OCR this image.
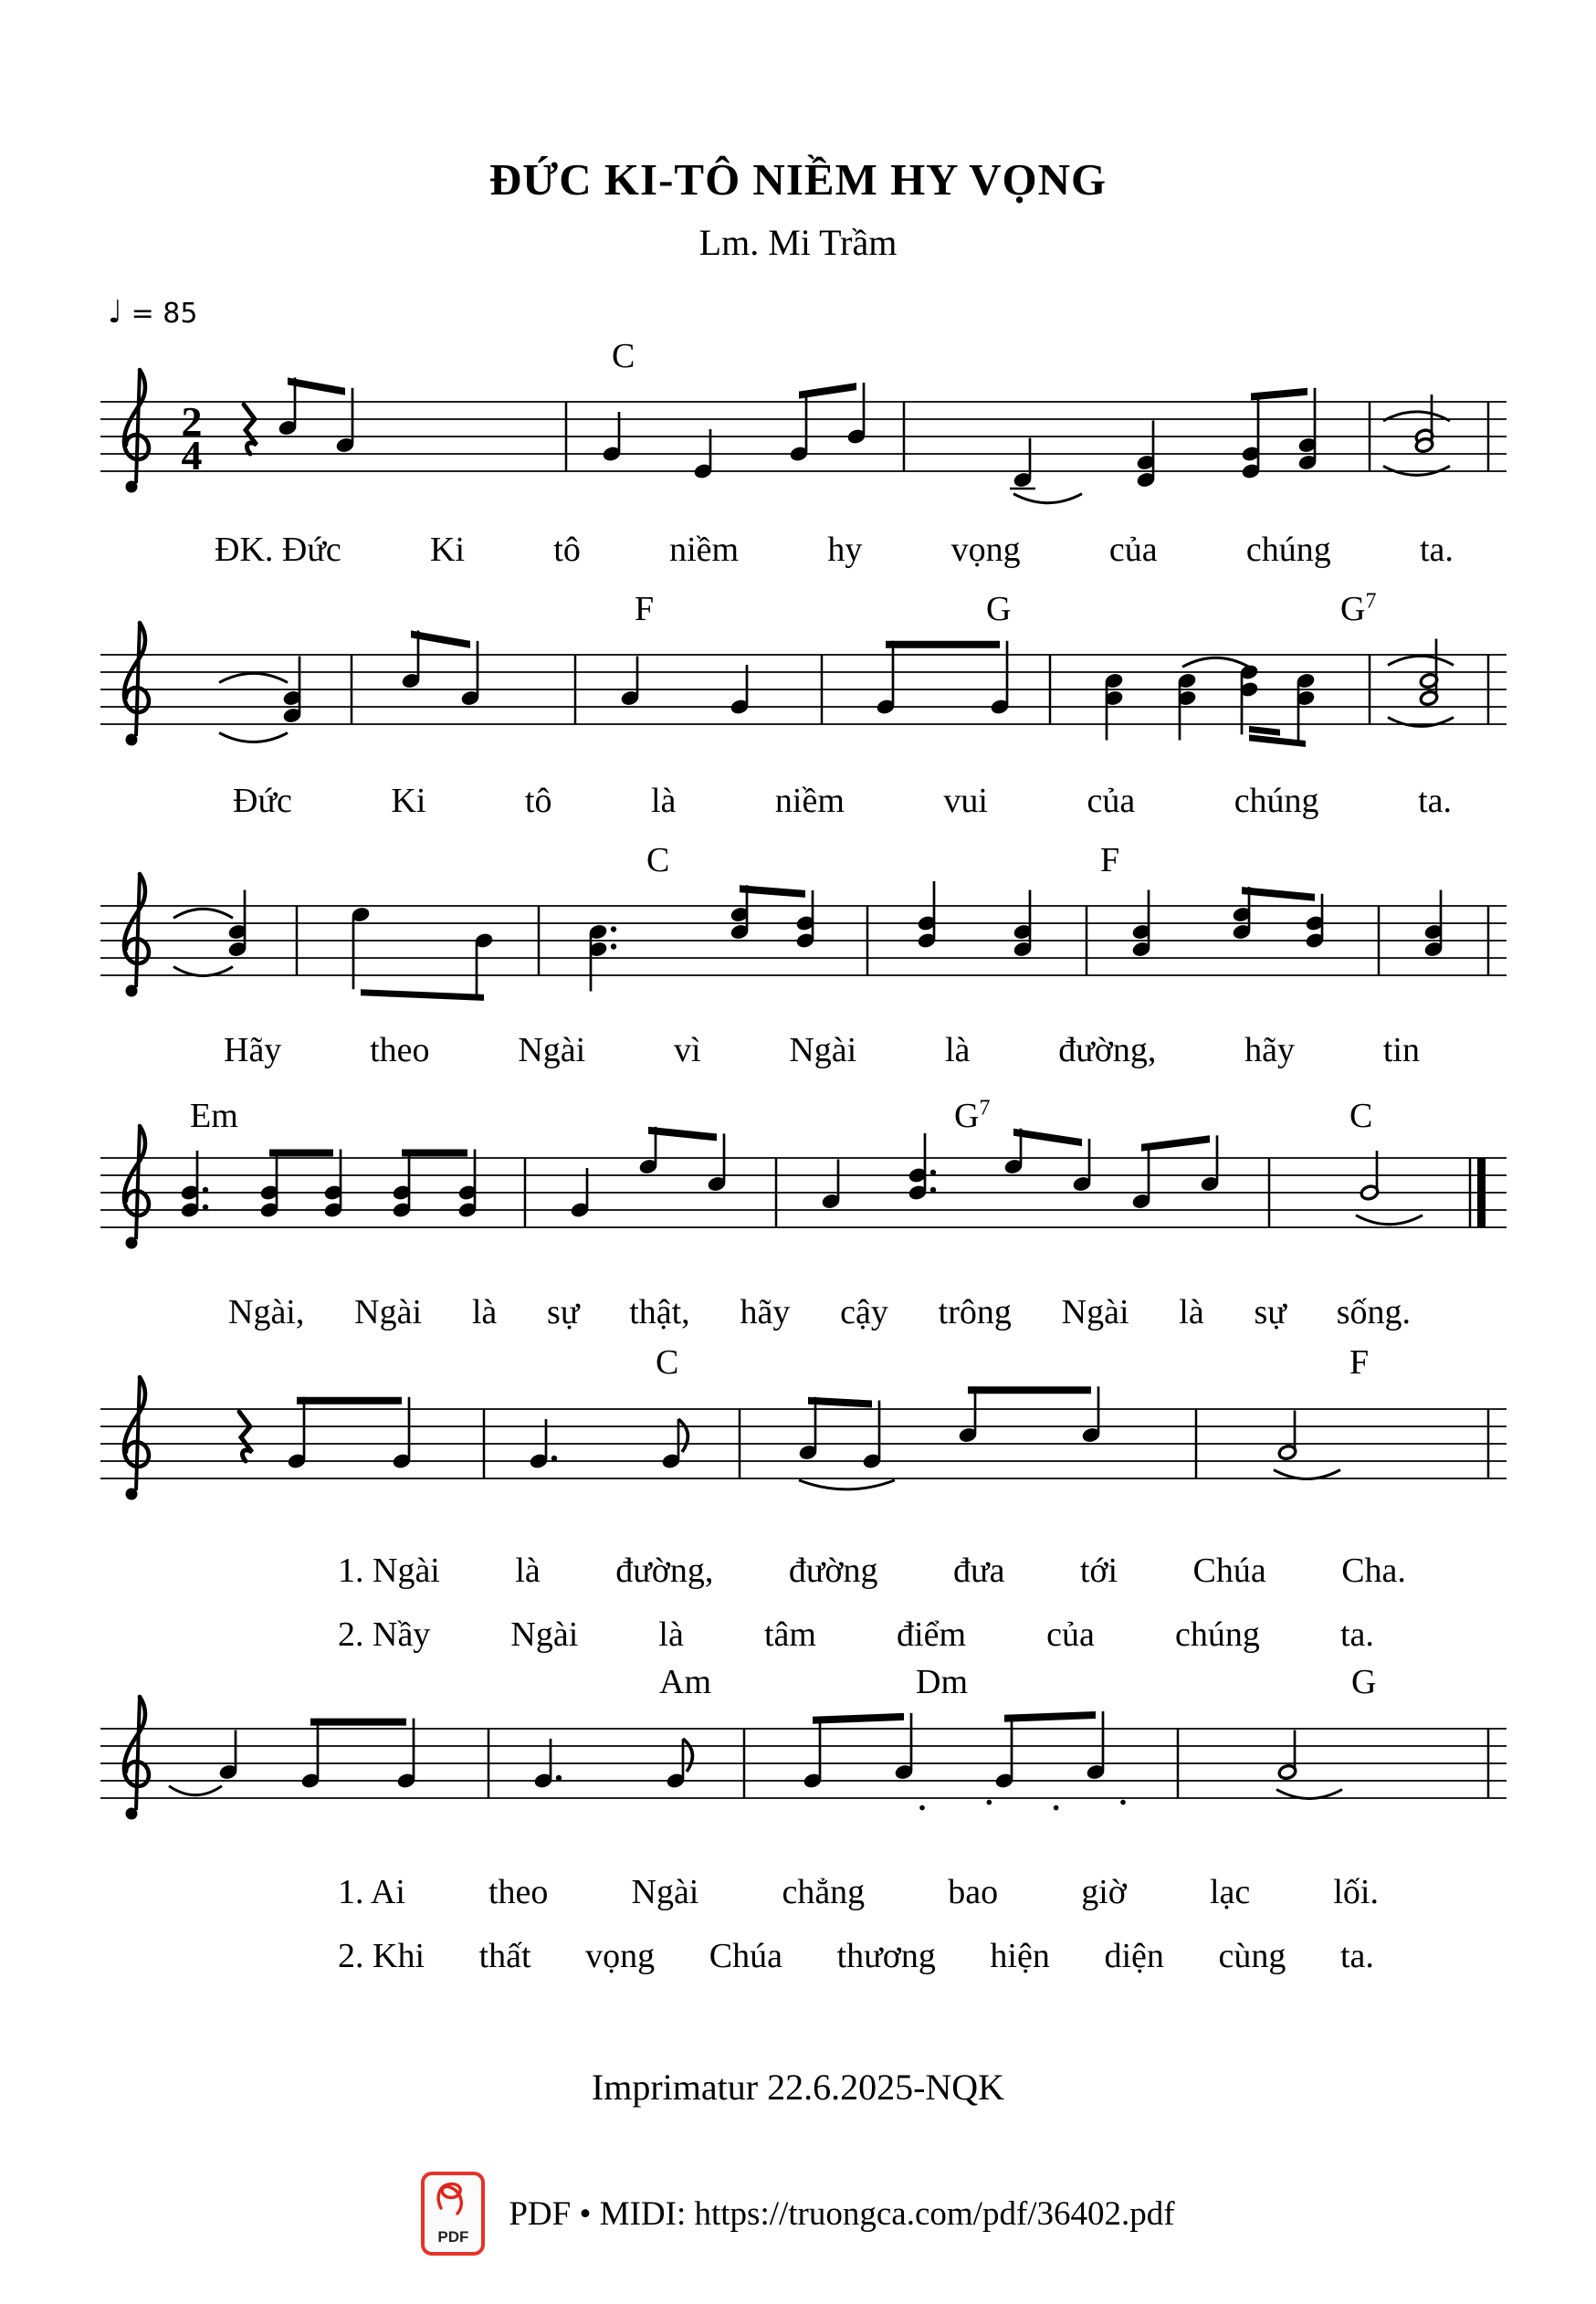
ĐỨC KI-TÔ NIỀM HY VỌNG
Lm. Mi Trầm
♩ = 85
C
2
4
ĐK. Đức	Ki	tô	niềm	hy	vọng	của	chúng	ta.
F	G	$G^7$
Đức	Ki	tô	là	niềm	vui	của	chúng	ta.
C	F
Hãy	theo	Ngài	vì	Ngài	là	đường,	hãy	tin
Em	$G^7$	C
Ngài, Ngài là sự thật, hãy cậy trông Ngài là sự sống.
C	F
1. Ngài là đường, đường đưa tới Chúa Cha.
2. Nầy Ngài là tâm điểm của chúng ta.
Am	Dm	G
1. Ai theo Ngài chẳng bao giờ lạc lối.
2. Khi thất vọng Chúa thương hiện diện cùng ta.
Imprimatur 22.6.2025-NQK
PDF
PDF • MIDI: https://truongca.com/pdf/36402.pdf
